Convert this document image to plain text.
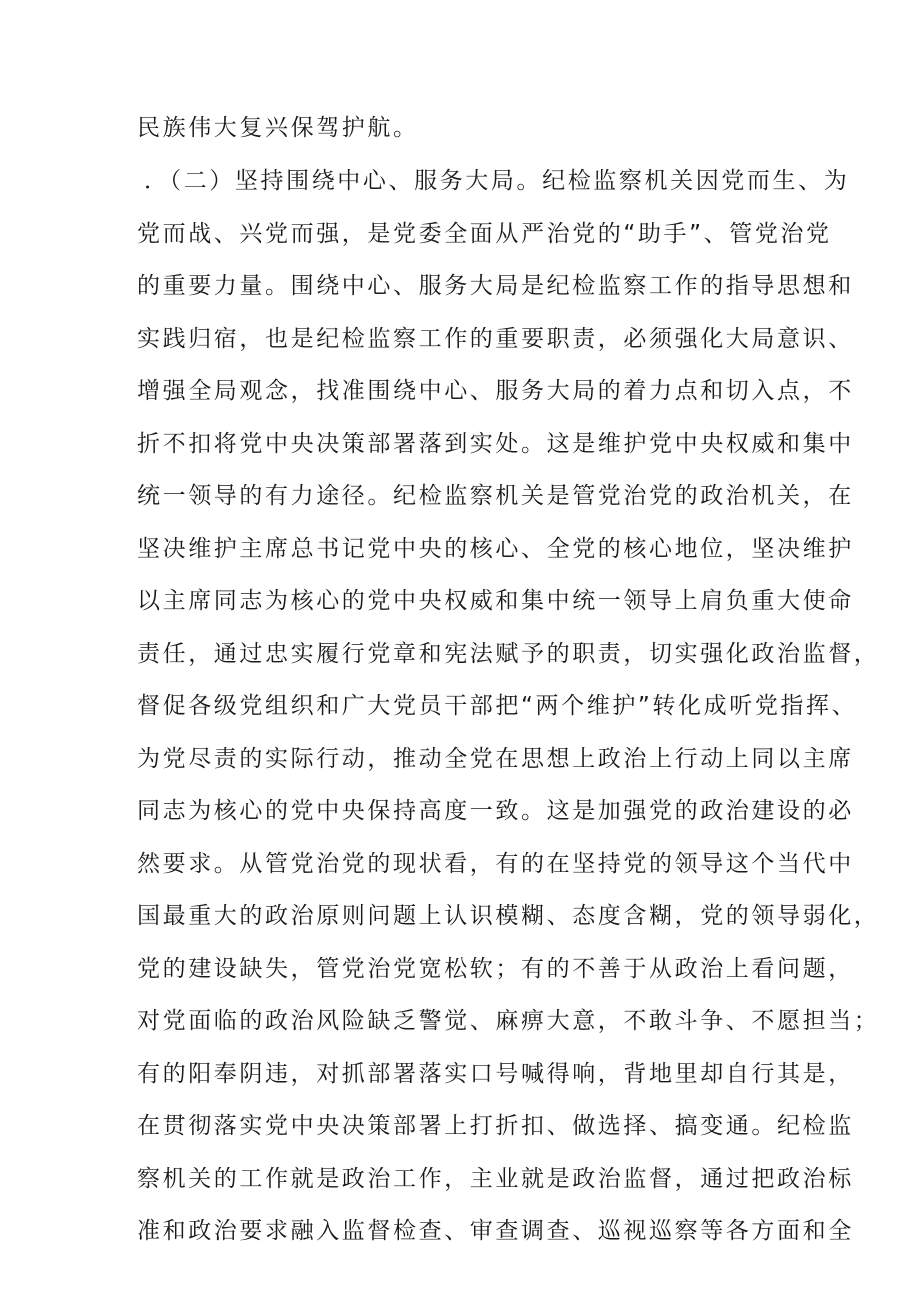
民族伟大复兴保驾护航。
．（二）坚持围绕中心、服务大局。纪检监察机关因党而生、为
党而战、兴党而强，是党委全面从严治党的“助手”、管党治党
的重要力量。围绕中心、服务大局是纪检监察工作的指导思想和
实践归宿，也是纪检监察工作的重要职责，必须强化大局意识、
增强全局观念，找准围绕中心、服务大局的着力点和切入点，不
折不扣将党中央决策部署落到实处。这是维护党中央权威和集中
统一领导的有力途径。纪检监察机关是管党治党的政治机关，在
坚决维护主席总书记党中央的核心、全党的核心地位，坚决维护
以主席同志为核心的党中央权威和集中统一领导上肩负重大使命
责任，通过忠实履行党章和宪法赋予的职责，切实强化政治监督，
督促各级党组织和广大党员干部把“两个维护”转化成听党指挥、
为党尽责的实际行动，推动全党在思想上政治上行动上同以主席
同志为核心的党中央保持高度一致。这是加强党的政治建设的必
然要求。从管党治党的现状看，有的在坚持党的领导这个当代中
国最重大的政治原则问题上认识模糊、态度含糊，党的领导弱化，
党的建设缺失，管党治党宽松软；有的不善于从政治上看问题，
对党面临的政治风险缺乏警觉、麻痹大意，不敢斗争、不愿担当；
有的阳奉阴违，对抓部署落实口号喊得响，背地里却自行其是，
在贯彻落实党中央决策部署上打折扣、做选择、搞变通。纪检监
察机关的工作就是政治工作，主业就是政治监督，通过把政治标
准和政治要求融入监督检查、审查调查、巡视巡察等各方面和全
